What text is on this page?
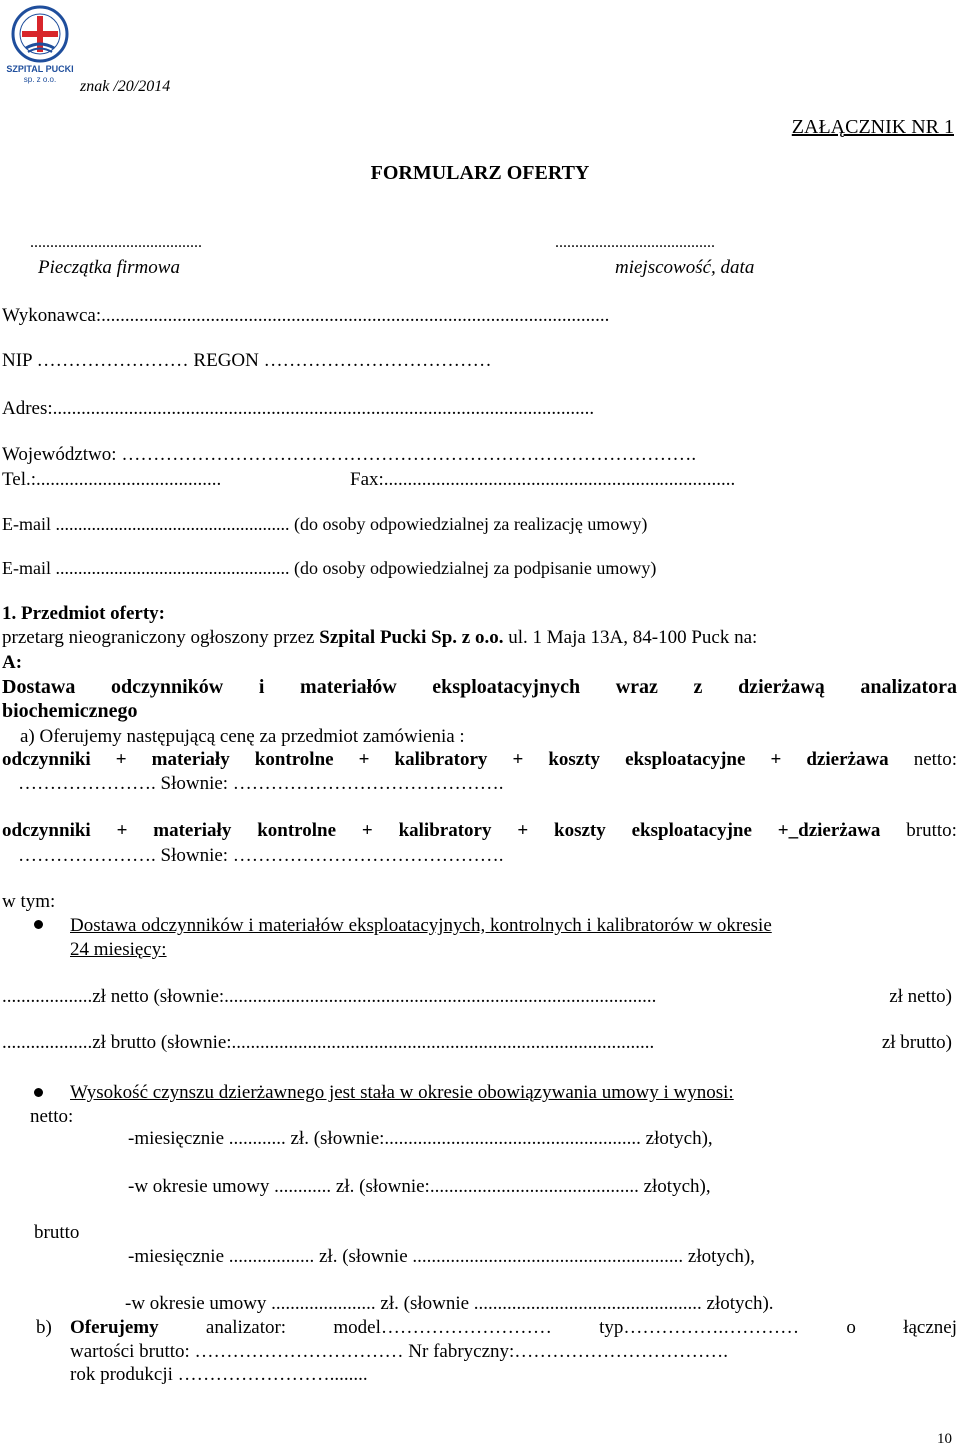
SZPITAL PUCKI
sp. z o.o.	znak /20/2014
ZAŁĄCZNIK NR 1
FORMULARZ OFERTY
...........................................	........................................
Pieczątka firmowa	miejscowość, data
Wykonawca:...........................................................................................................
NIP …………………… REGON ………………………………
Adres:..................................................................................................................
Województwo: ……………………………………………………………………………….
Tel.:.......................................	Fax:..........................................................................
E-mail .................................................... (do osoby odpowiedzialnej za realizację umowy)
E-mail .................................................... (do osoby odpowiedzialnej za podpisanie umowy)
1. Przedmiot oferty:
przetarg nieograniczony ogłoszony przez Szpital Pucki Sp. z o.o. ul. 1 Maja 13A, 84-100 Puck na:
A:
Dostawa odczynników i materiałów eksploatacyjnych wraz z dzierżawą analizatora
biochemicznego
a) Oferujemy następującą cenę za przedmiot zamówienia :
odczynniki + materiały kontrolne + kalibratory + koszty eksploatacyjne + dzierżawa netto:
…………………. Słownie: …………………………………….
odczynniki + materiały kontrolne + kalibratory + koszty eksploatacyjne +_dzierżawa brutto:
…………………. Słownie: …………………………………….
w tym:
Dostawa odczynników i materiałów eksploatacyjnych, kontrolnych i kalibratorów w okresie
24 miesięcy:
...................zł netto (słownie:...........................................................................................	zł netto)
...................zł brutto (słownie:.........................................................................................	zł brutto)
Wysokość czynszu dzierżawnego jest stała w okresie obowiązywania umowy i wynosi:
netto:
-miesięcznie ............ zł. (słownie:...................................................... złotych),
-w okresie umowy ............ zł. (słownie:............................................ złotych),
brutto
-miesięcznie .................. zł. (słownie ......................................................... złotych),
-w okresie umowy ...................... zł. (słownie ................................................ złotych).
b) Oferujemy analizator: model……………………… typ…………….………… o łącznej
wartości brutto: …………………………… Nr fabryczny:…………………………….
rok produkcji ……………………........
10
